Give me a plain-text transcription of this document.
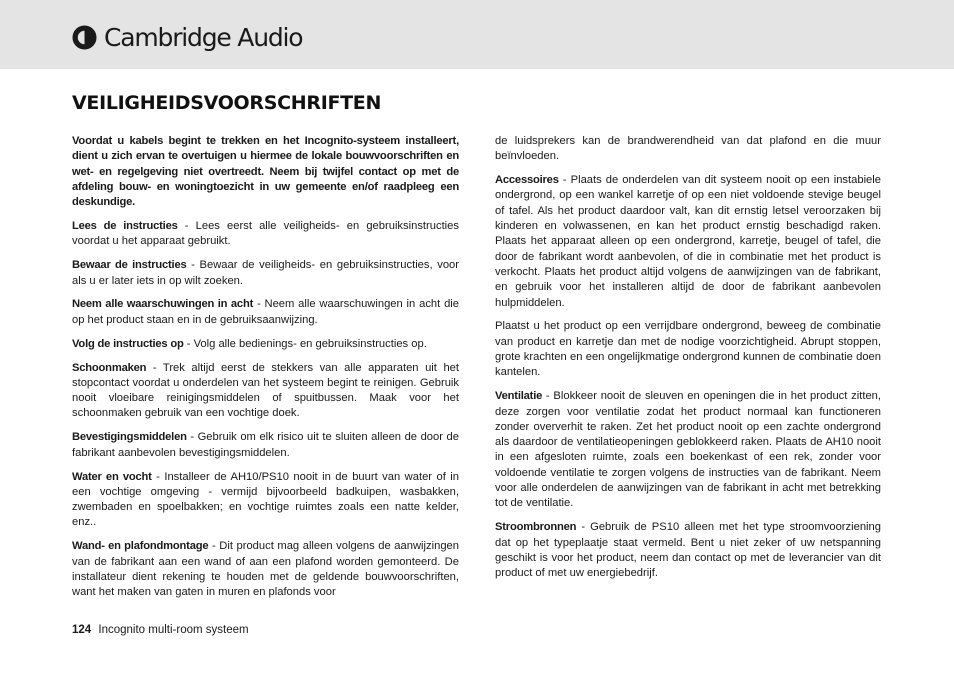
Cambridge Audio
VEILIGHEIDSVOORSCHRIFTEN

Voordat u kabels begint te trekken en het Incognito-systeem installeert, dient u zich ervan te overtuigen u hiermee de lokale bouwvoorschriften en wet- en regelgeving niet overtreedt. Neem bij twijfel contact op met de afdeling bouw- en woningtoezicht in uw gemeente en/of raadpleeg een deskundige.

Lees de instructies - Lees eerst alle veiligheids- en gebruiksinstructies voordat u het apparaat gebruikt.

Bewaar de instructies - Bewaar de veiligheids- en gebruiksinstructies, voor als u er later iets in op wilt zoeken.

Neem alle waarschuwingen in acht - Neem alle waarschuwingen in acht die op het product staan en in de gebruiksaanwijzing.

Volg de instructies op - Volg alle bedienings- en gebruiksinstructies op.

Schoonmaken - Trek altijd eerst de stekkers van alle apparaten uit het stopcontact voordat u onderdelen van het systeem begint te reinigen. Gebruik nooit vloeibare reinigingsmiddelen of spuitbussen. Maak voor het schoonmaken gebruik van een vochtige doek.

Bevestigingsmiddelen - Gebruik om elk risico uit te sluiten alleen de door de fabrikant aanbevolen bevestigingsmiddelen.

Water en vocht - Installeer de AH10/PS10 nooit in de buurt van water of in een vochtige omgeving - vermijd bijvoorbeeld badkuipen, wasbakken, zwembaden en spoelbakken; en vochtige ruimtes zoals een natte kelder, enz..

Wand- en plafondmontage - Dit product mag alleen volgens de aanwijzingen van de fabrikant aan een wand of aan een plafond worden gemonteerd. De installateur dient rekening te houden met de geldende bouwvoorschriften, want het maken van gaten in muren en plafonds voor

de luidsprekers kan de brandwerendheid van dat plafond en die muur beïnvloeden.

Accessoires - Plaats de onderdelen van dit systeem nooit op een instabiele ondergrond, op een wankel karretje of op een niet voldoende stevige beugel of tafel. Als het product daardoor valt, kan dit ernstig letsel veroorzaken bij kinderen en volwassenen, en kan het product ernstig beschadigd raken. Plaats het apparaat alleen op een ondergrond, karretje, beugel of tafel, die door de fabrikant wordt aanbevolen, of die in combinatie met het product is verkocht. Plaats het product altijd volgens de aanwijzingen van de fabrikant, en gebruik voor het installeren altijd de door de fabrikant aanbevolen hulpmiddelen.

Plaatst u het product op een verrijdbare ondergrond, beweeg de combinatie van product en karretje dan met de nodige voorzichtigheid. Abrupt stoppen, grote krachten en een ongelijkmatige ondergrond kunnen de combinatie doen kantelen.

Ventilatie - Blokkeer nooit de sleuven en openingen die in het product zitten, deze zorgen voor ventilatie zodat het product normaal kan functioneren zonder oververhit te raken. Zet het product nooit op een zachte ondergrond als daardoor de ventilatieopeningen geblokkeerd raken. Plaats de AH10 nooit in een afgesloten ruimte, zoals een boekenkast of een rek, zonder voor voldoende ventilatie te zorgen volgens de instructies van de fabrikant. Neem voor alle onderdelen de aanwijzingen van de fabrikant in acht met betrekking tot de ventilatie.

Stroombronnen - Gebruik de PS10 alleen met het type stroomvoorziening dat op het typeplaatje staat vermeld. Bent u niet zeker of uw netspanning geschikt is voor het product, neem dan contact op met de leverancier van dit product of met uw energiebedrijf.

124 Incognito multi-room systeem
